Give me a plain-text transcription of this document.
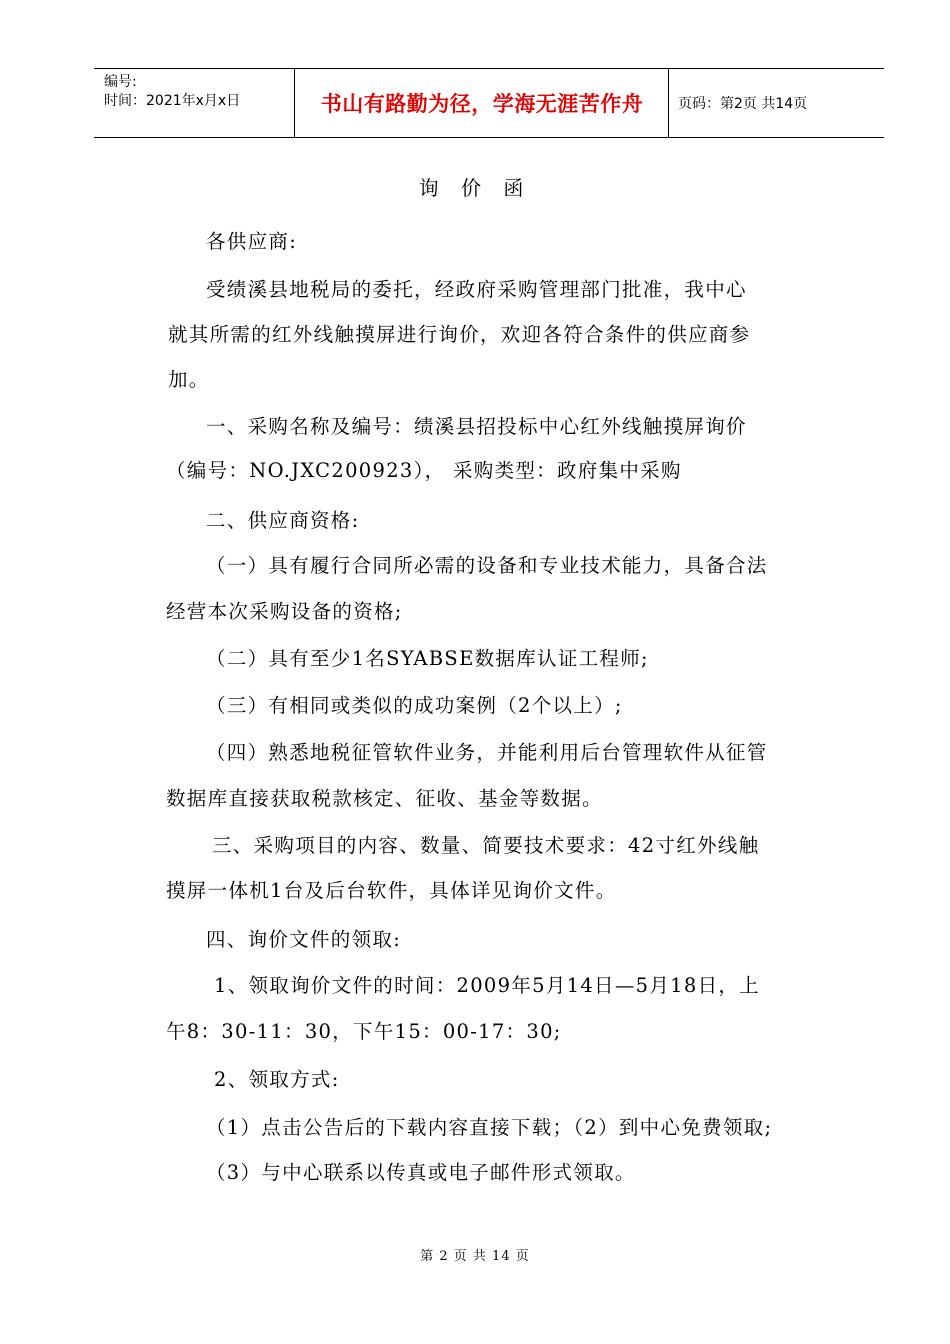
编号:
时间：2021年x月x日	书山有路勤为径，学海无涯苦作舟	页码：第2页 共14页
询 价 函
各供应商:
受绩溪县地税局的委托，经政府采购管理部门批准，我中心
就其所需的红外线触摸屏进行询价，欢迎各符合条件的供应商参
加。
一、采购名称及编号：绩溪县招投标中心红外线触摸屏询价
（编号：NO.JXC200923）， 采购类型：政府集中采购
二、供应商资格:
（一）具有履行合同所必需的设备和专业技术能力，具备合法
经营本次采购设备的资格;
（二）具有至少1名SYABSE数据库认证工程师;
（三）有相同或类似的成功案例（2个以上）;
（四）熟悉地税征管软件业务，并能利用后台管理软件从征管
数据库直接获取税款核定、征收、基金等数据。
三、采购项目的内容、数量、简要技术要求：42寸红外线触
摸屏一体机1台及后台软件，具体详见询价文件。
四、询价文件的领取:
1、领取询价文件的时间：2009年5月14日—5月18日，上
午8：30-11：30，下午15：00-17：30;
2、领取方式:
（1）点击公告后的下载内容直接下载；（2）到中心免费领取;
（3）与中心联系以传真或电子邮件形式领取。
第 2 页 共 14 页
